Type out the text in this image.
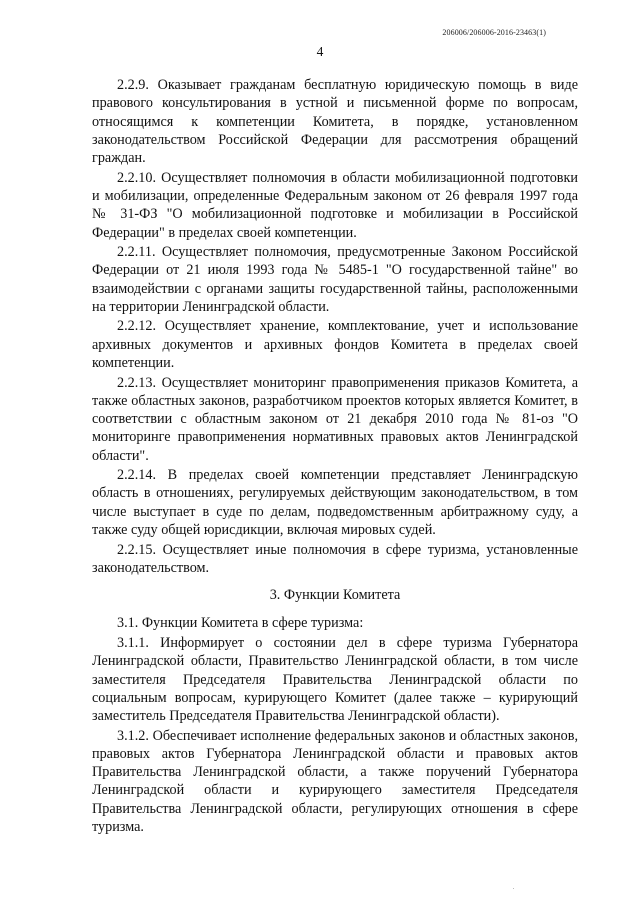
206006/206006-2016-23463(1)
4

2.2.9. Оказывает гражданам бесплатную юридическую помощь в виде правового консультирования в устной и письменной форме по вопросам, относящимся к компетенции Комитета, в порядке, установленном законодательством Российской Федерации для рассмотрения обращений граждан.

2.2.10. Осуществляет полномочия в области мобилизационной подготовки и мобилизации, определенные Федеральным законом от 26 февраля 1997 года № 31-ФЗ "О мобилизационной подготовке и мобилизации в Российской Федерации" в пределах своей компетенции.

2.2.11. Осуществляет полномочия, предусмотренные Законом Российской Федерации от 21 июля 1993 года № 5485-1 "О государственной тайне" во взаимодействии с органами защиты государственной тайны, расположенными на территории Ленинградской области.

2.2.12. Осуществляет хранение, комплектование, учет и использование архивных документов и архивных фондов Комитета в пределах своей компетенции.

2.2.13. Осуществляет мониторинг правоприменения приказов Комитета, а также областных законов, разработчиком проектов которых является Комитет, в соответствии с областным законом от 21 декабря 2010 года № 81-оз "О мониторинге правоприменения нормативных правовых актов Ленинградской области".

2.2.14. В пределах своей компетенции представляет Ленинградскую область в отношениях, регулируемых действующим законодательством, в том числе выступает в суде по делам, подведомственным арбитражному суду, а также суду общей юрисдикции, включая мировых судей.

2.2.15. Осуществляет иные полномочия в сфере туризма, установленные законодательством.

3. Функции Комитета

3.1. Функции Комитета в сфере туризма:

3.1.1. Информирует о состоянии дел в сфере туризма Губернатора Ленинградской области, Правительство Ленинградской области, в том числе заместителя Председателя Правительства Ленинградской области по социальным вопросам, курирующего Комитет (далее также – курирующий заместитель Председателя Правительства Ленинградской области).

3.1.2. Обеспечивает исполнение федеральных законов и областных законов, правовых актов Губернатора Ленинградской области и правовых актов Правительства Ленинградской области, а также поручений Губернатора Ленинградской области и курирующего заместителя Председателя Правительства Ленинградской области, регулирующих отношения в сфере туризма.
